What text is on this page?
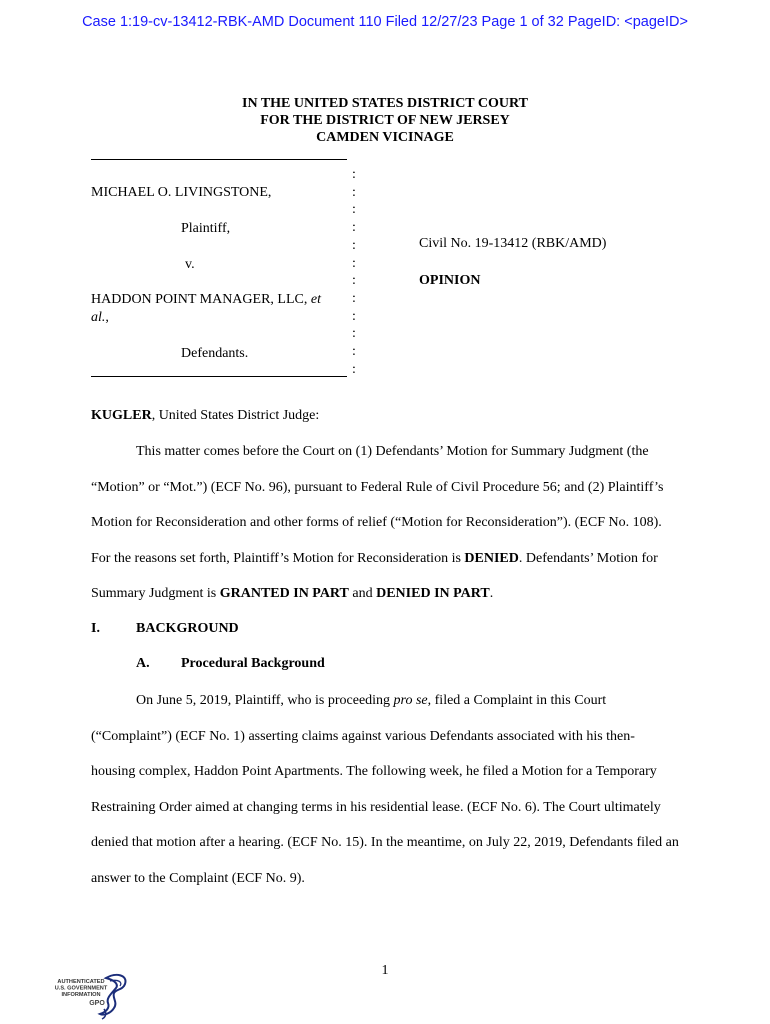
Case 1:19-cv-13412-RBK-AMD Document 110 Filed 12/27/23 Page 1 of 32 PageID: <pageID>
IN THE UNITED STATES DISTRICT COURT
FOR THE DISTRICT OF NEW JERSEY
CAMDEN VICINAGE
:
:
:
:
:
:
:
:
:
:
:
:
MICHAEL O. LIVINGSTONE,
Plaintiff,
v.
HADDON POINT MANAGER, LLC, et
al.,
Defendants.
Civil No. 19-13412 (RBK/AMD)
OPINION
KUGLER, United States District Judge:

This matter comes before the Court on (1) Defendants’ Motion for Summary Judgment (the “Motion” or “Mot.”) (ECF No. 96), pursuant to Federal Rule of Civil Procedure 56; and (2) Plaintiff’s Motion for Reconsideration and other forms of relief (“Motion for Reconsideration”). (ECF No. 108). For the reasons set forth, Plaintiff’s Motion for Reconsideration is DENIED. Defendants’ Motion for Summary Judgment is GRANTED IN PART and DENIED IN PART.

I.	BACKGROUND
A. Procedural Background

On June 5, 2019, Plaintiff, who is proceeding pro se, filed a Complaint in this Court (“Complaint”) (ECF No. 1) asserting claims against various Defendants associated with his then-housing complex, Haddon Point Apartments. The following week, he filed a Motion for a Temporary Restraining Order aimed at changing terms in his residential lease. (ECF No. 6). The Court ultimately denied that motion after a hearing. (ECF No. 15). In the meantime, on July 22, 2019, Defendants filed an answer to the Complaint (ECF No. 9).

1
AUTHENTICATED
U.S. GOVERNMENT
INFORMATION
GPO
